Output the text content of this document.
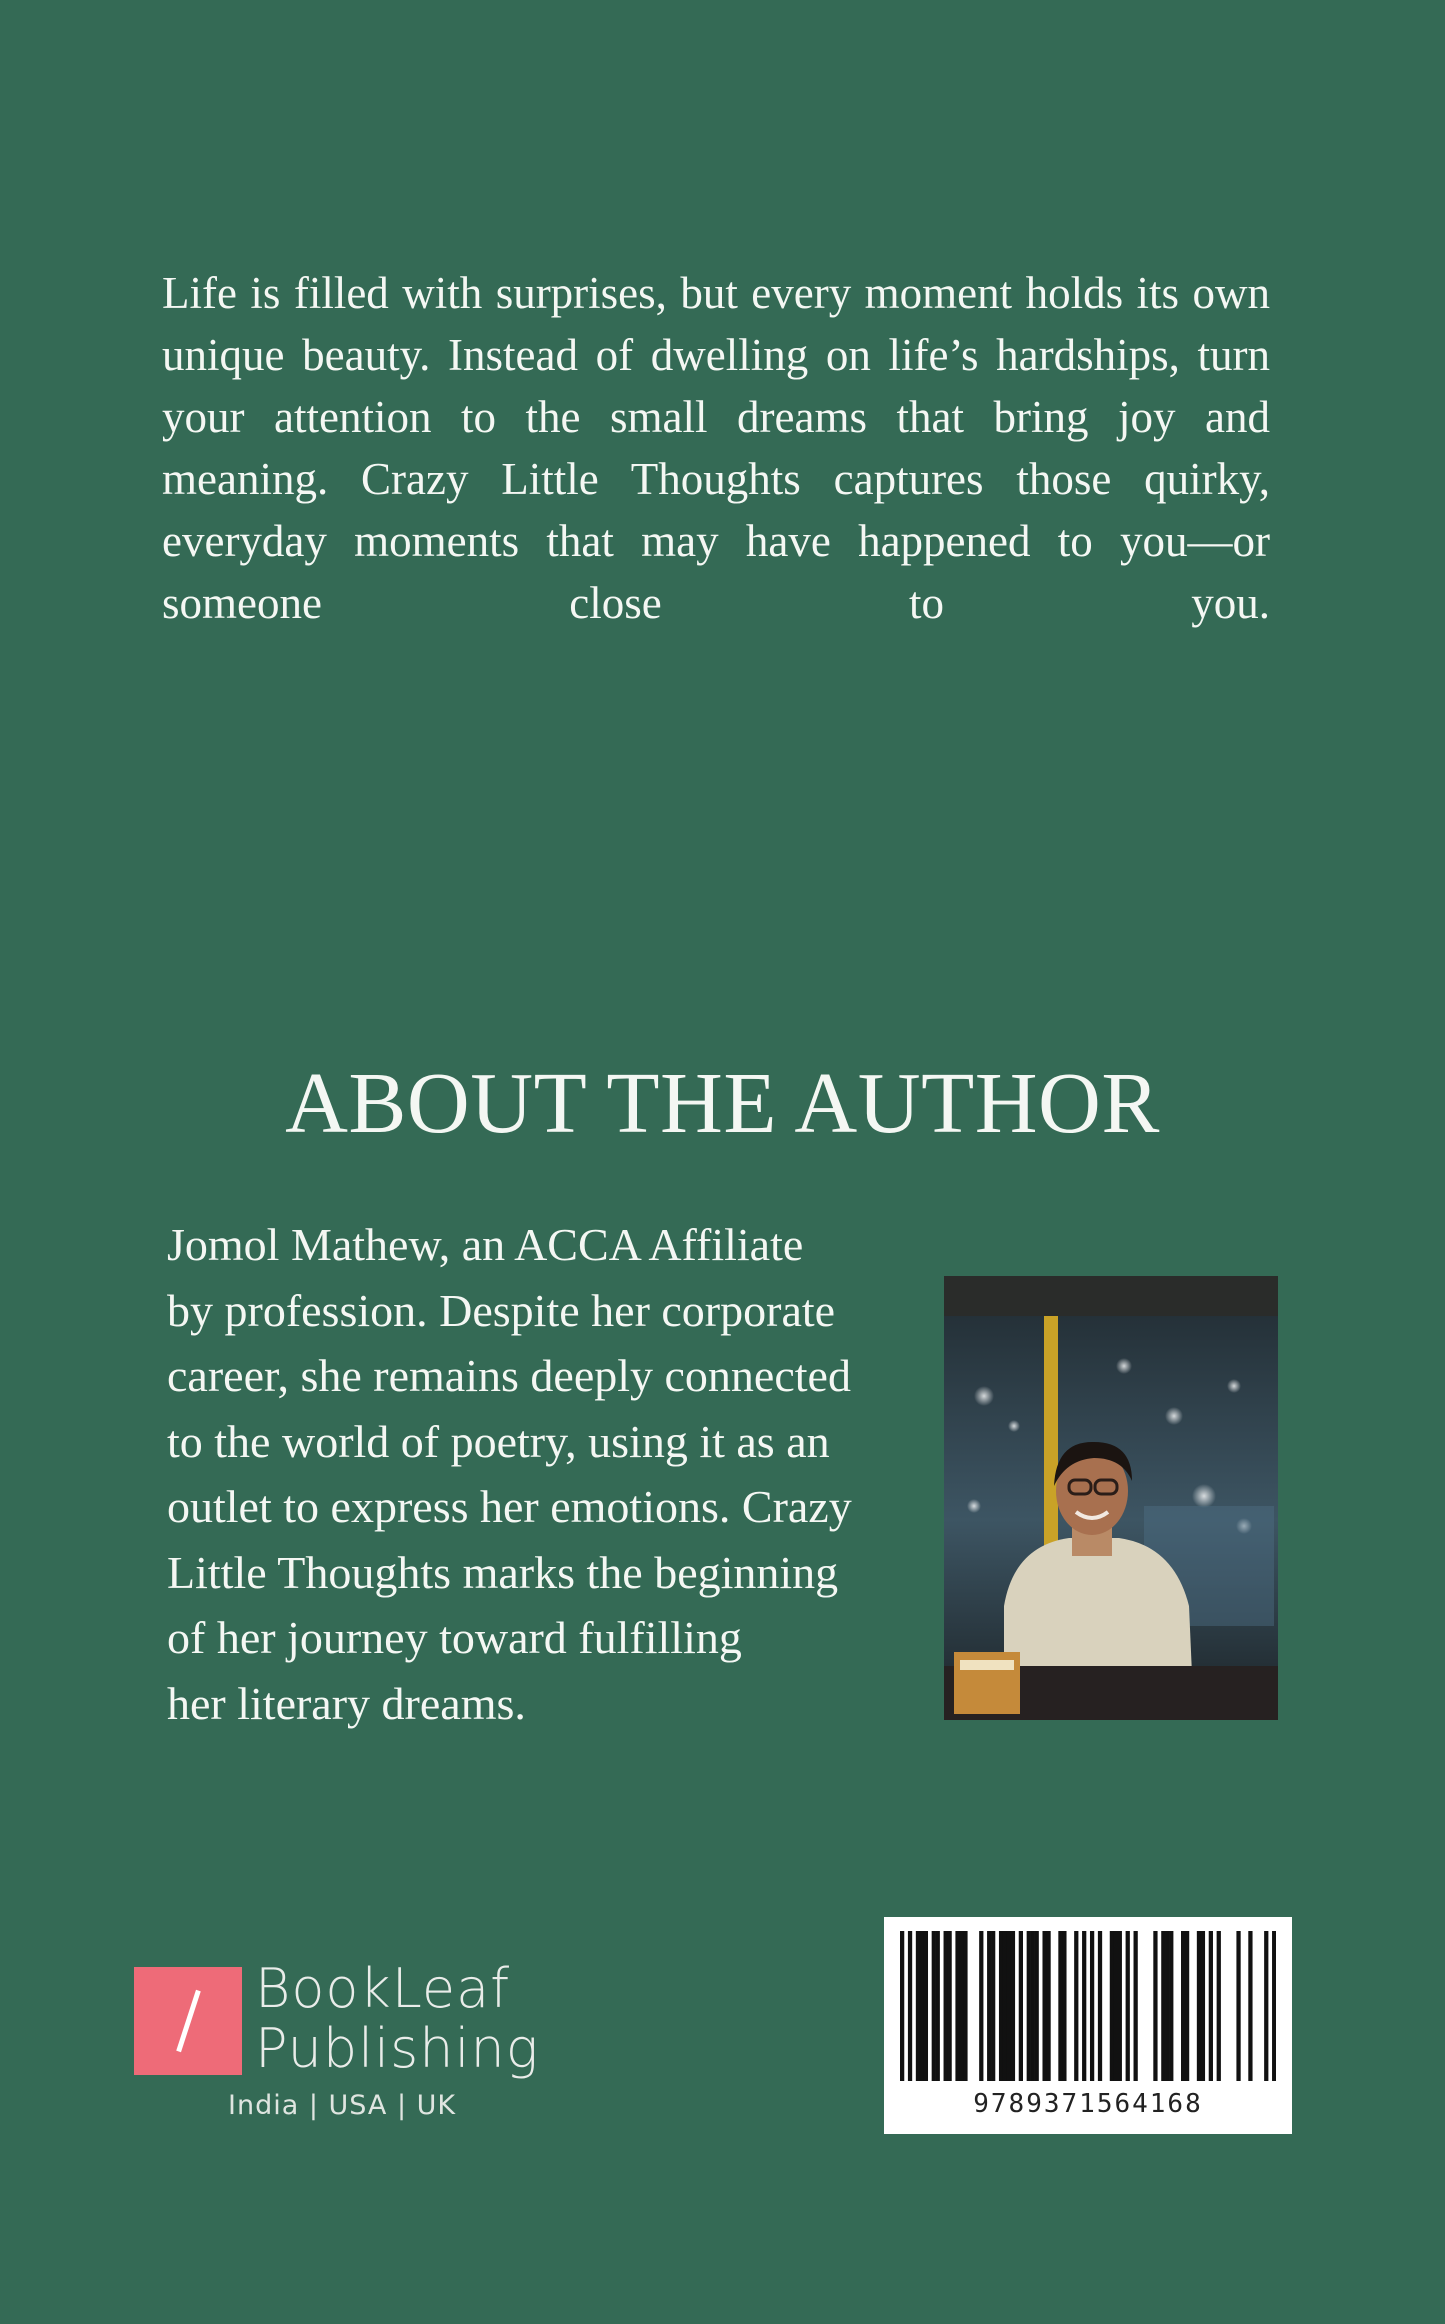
Life is filled with surprises, but every moment holds its own unique beauty. Instead of dwelling on life’s hardships, turn your attention to the small dreams that bring joy and meaning. Crazy Little Thoughts captures those quirky, everyday moments that may have happened to you—or someone close to you.

ABOUT THE AUTHOR
Jomol Mathew, an ACCA Affiliate
by profession. Despite her corporate
career, she remains deeply connected
to the world of poetry, using it as an
outlet to express her emotions. Crazy
Little Thoughts marks the beginning
of her journey toward fulfilling
her literary dreams.
BookLeaf
Publishing
India | USA | UK	9789371564168
